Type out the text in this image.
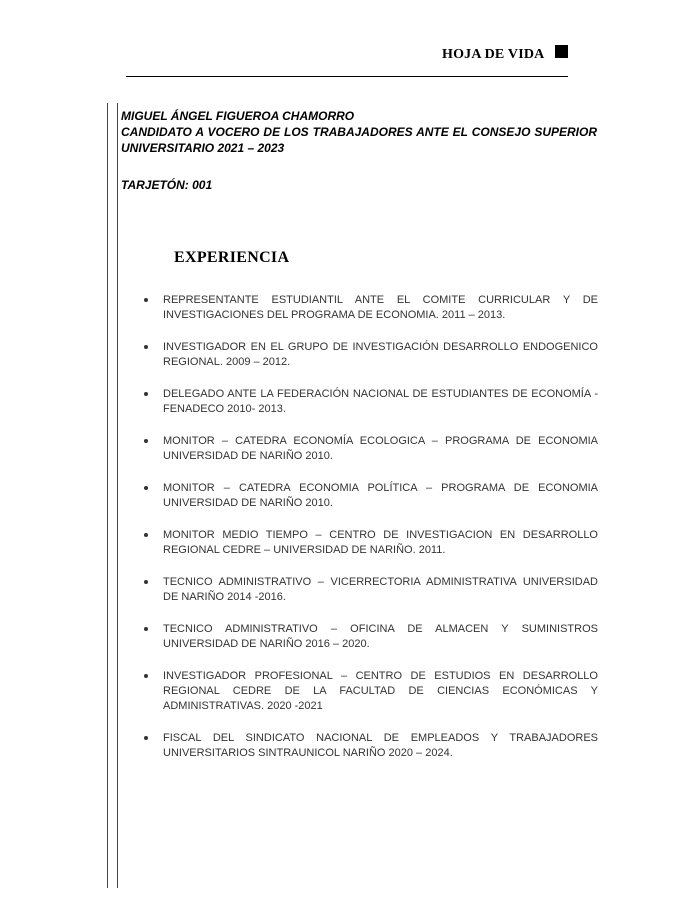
HOJA DE VIDA
MIGUEL ÁNGEL FIGUEROA CHAMORRO
CANDIDATO A VOCERO DE LOS TRABAJADORES ANTE EL CONSEJO SUPERIOR
UNIVERSITARIO 2021 – 2023
TARJETÓN: 001
EXPERIENCIA
REPRESENTANTE ESTUDIANTIL ANTE EL COMITE CURRICULAR Y DE INVESTIGACIONES DEL PROGRAMA DE ECONOMIA. 2011 – 2013.
INVESTIGADOR EN EL GRUPO DE INVESTIGACIÓN DESARROLLO ENDOGENICO REGIONAL. 2009 – 2012.
DELEGADO ANTE LA FEDERACIÓN NACIONAL DE ESTUDIANTES DE ECONOMÍA - FENADECO 2010- 2013.
MONITOR – CATEDRA ECONOMÍA ECOLOGICA – PROGRAMA DE ECONOMIA UNIVERSIDAD DE NARIÑO 2010.
MONITOR – CATEDRA ECONOMIA POLÍTICA – PROGRAMA DE ECONOMIA UNIVERSIDAD DE NARIÑO 2010.
MONITOR MEDIO TIEMPO – CENTRO DE INVESTIGACION EN DESARROLLO REGIONAL CEDRE – UNIVERSIDAD DE NARIÑO. 2011.
TECNICO ADMINISTRATIVO – VICERRECTORIA ADMINISTRATIVA UNIVERSIDAD DE NARIÑO 2014 -2016.
TECNICO ADMINISTRATIVO – OFICINA DE ALMACEN Y SUMINISTROS UNIVERSIDAD DE NARIÑO 2016 – 2020.
INVESTIGADOR PROFESIONAL – CENTRO DE ESTUDIOS EN DESARROLLO REGIONAL CEDRE DE LA FACULTAD DE CIENCIAS ECONÓMICAS Y ADMINISTRATIVAS. 2020 -2021
FISCAL DEL SINDICATO NACIONAL DE EMPLEADOS Y TRABAJADORES UNIVERSITARIOS SINTRAUNICOL NARIÑO 2020 – 2024.
